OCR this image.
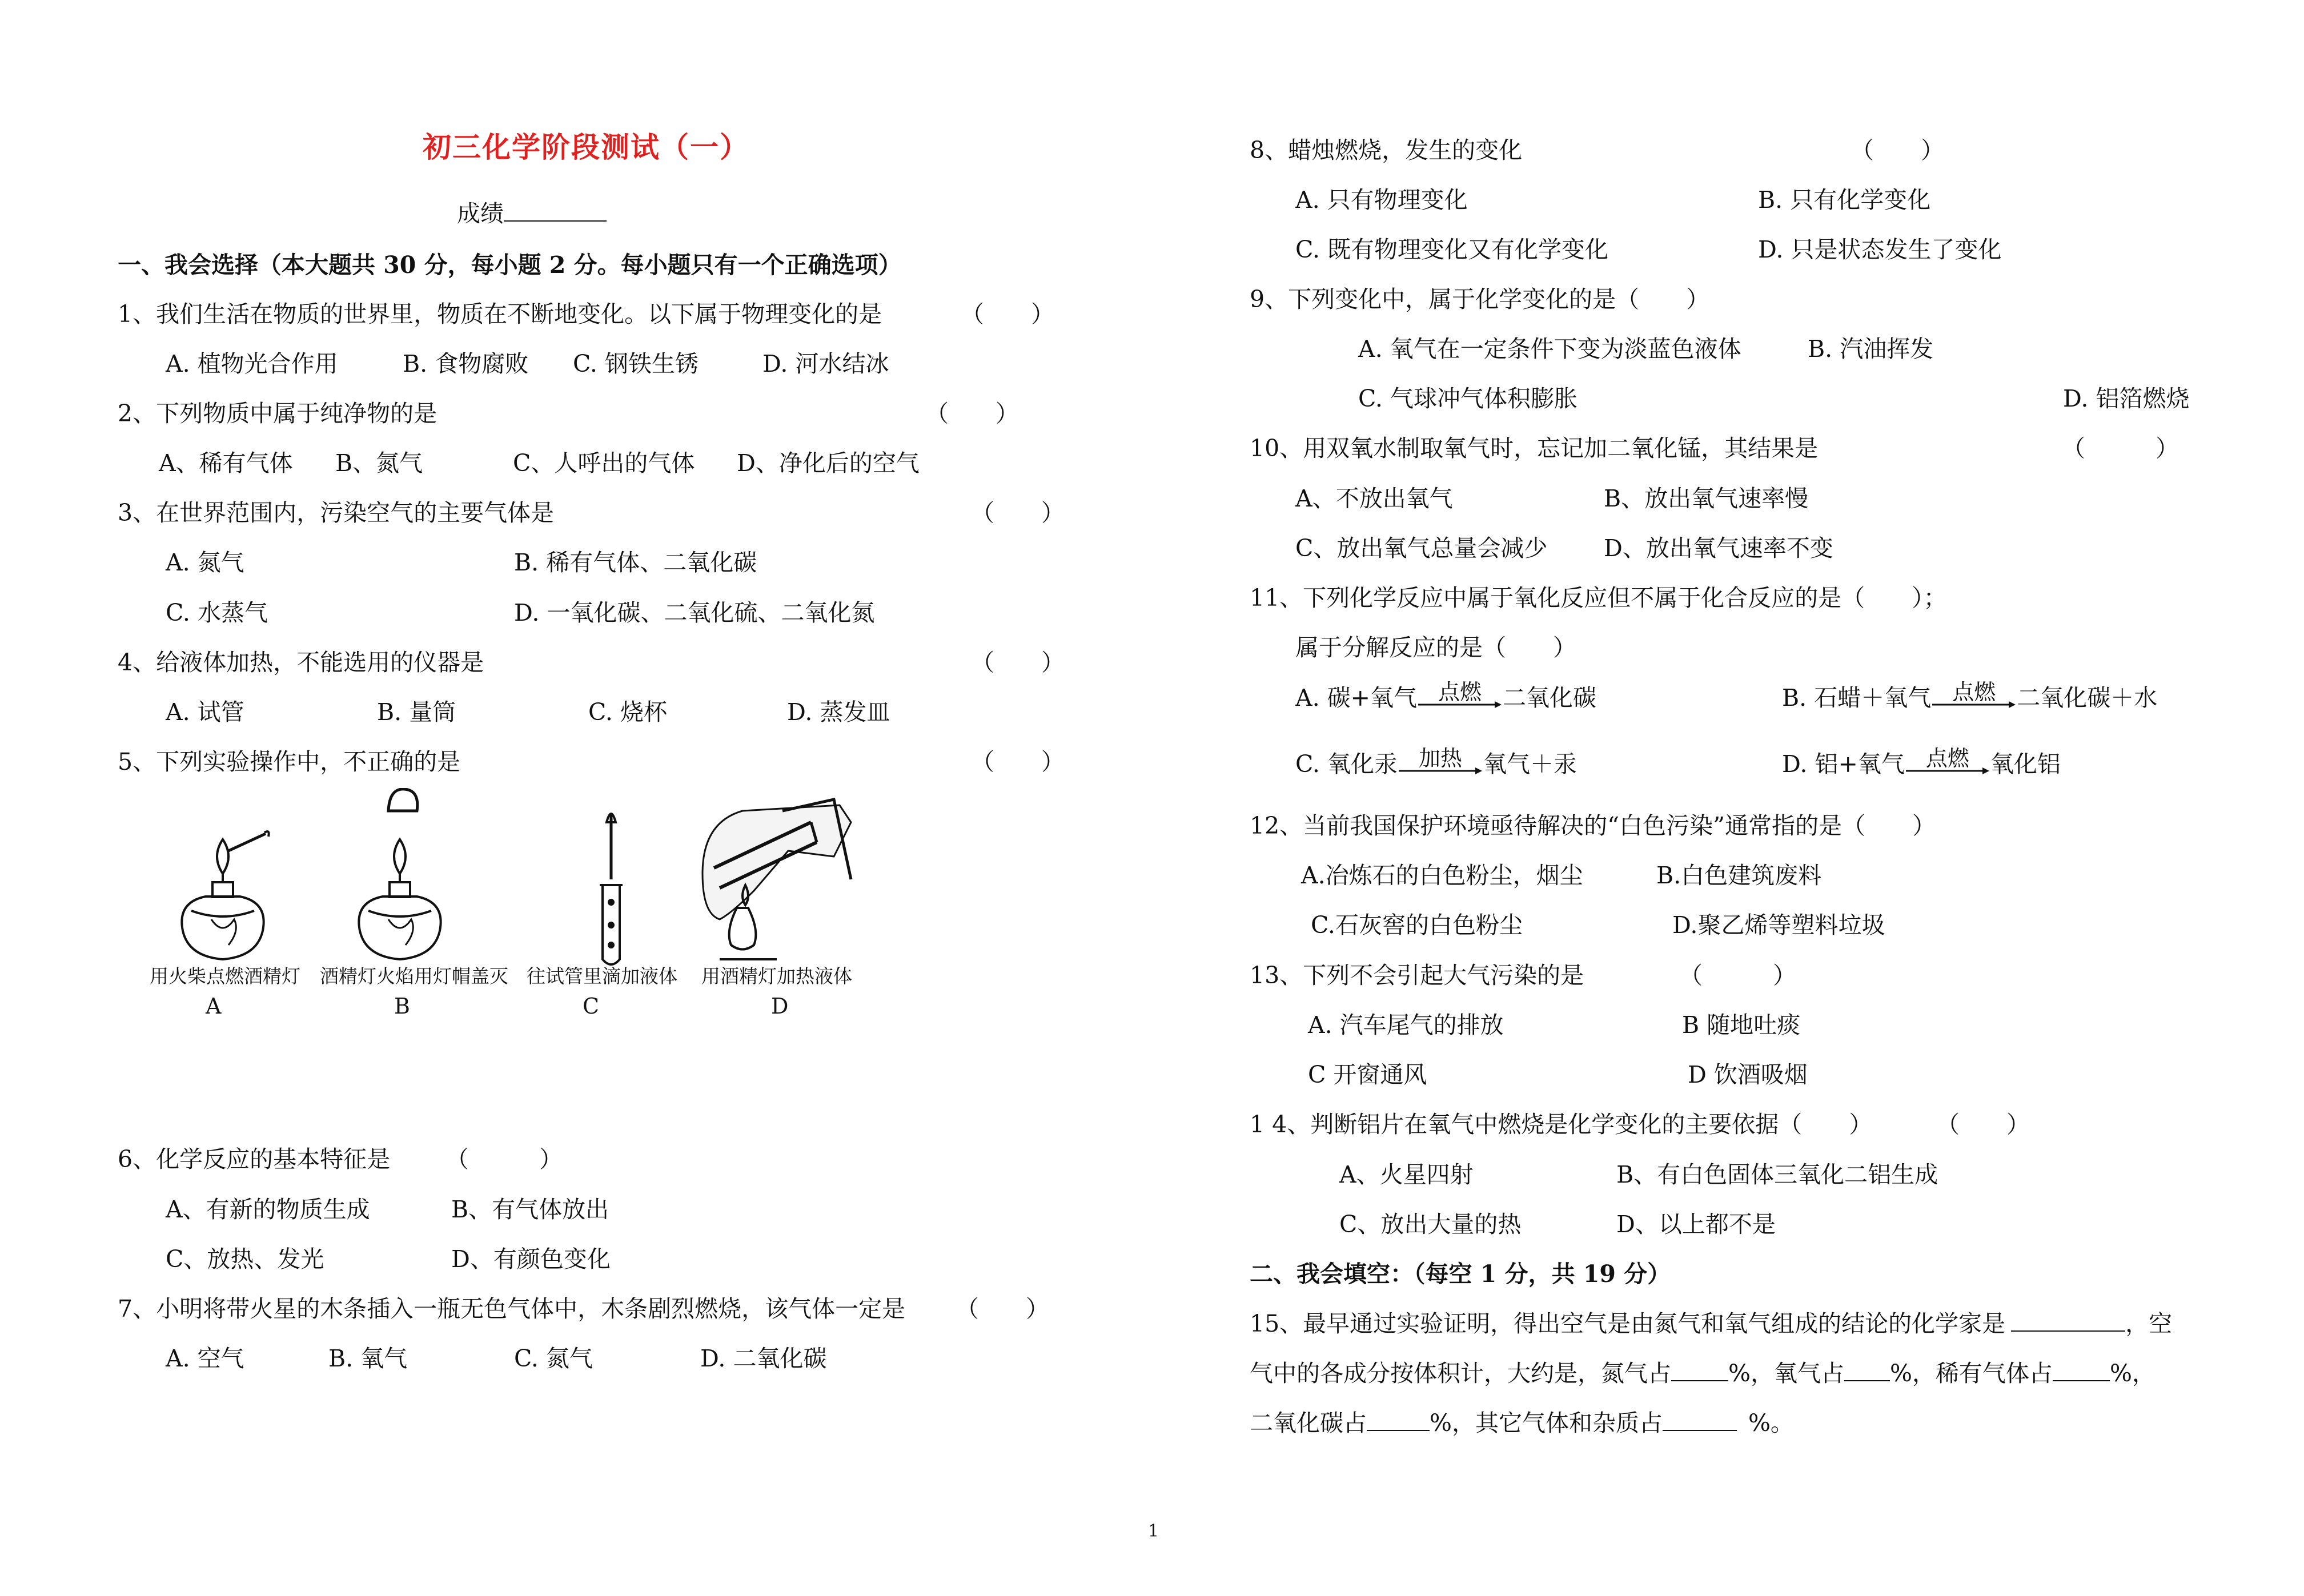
初三化学阶段测试（一）
成绩
一、我会选择（本大题共 30 分，每小题 2 分。每小题只有一个正确选项）
1、我们生活在物质的世界里，物质在不断地变化。以下属于物理变化的是	（　　）
A. 植物光合作用	B. 食物腐败 C. 钢铁生锈	D. 河水结冰
2、下列物质中属于纯净物的是	（　　）
A、稀有气体 B、氮气	C、人呼出的气体 D、净化后的空气
3、在世界范围内，污染空气的主要气体是	（　　）
A. 氮气	B. 稀有气体、二氧化碳
C. 水蒸气	D. 一氧化碳、二氧化硫、二氧化氮
4、给液体加热，不能选用的仪器是	（　　）
A. 试管	B. 量筒	C. 烧杯	D. 蒸发皿
5、下列实验操作中，不正确的是	（　　）
用火柴点燃酒精灯
A
酒精灯火焰用灯帽盖灭
B
往试管里滴加液体
C
用酒精灯加热液体
D
6、化学反应的基本特征是 （　　　）
A、有新的物质生成	B、有气体放出
C、放热、发光	D、有颜色变化
7、小明将带火星的木条插入一瓶无色气体中，木条剧烈燃烧，该气体一定是 （　　）
A. 空气	B. 氧气	C. 氮气	D. 二氧化碳
8、蜡烛燃烧，发生的变化	（　　）
A. 只有物理变化	B. 只有化学变化
C. 既有物理变化又有化学变化	D. 只是状态发生了变化
9、下列变化中，属于化学变化的是（　　）
A. 氧气在一定条件下变为淡蓝色液体	B. 汽油挥发
C. 气球冲气体积膨胀	D. 铝箔燃烧
10、用双氧水制取氧气时，忘记加二氧化锰，其结果是	（　　　）
A、不放出氧气	B、放出氧气速率慢
C、放出氧气总量会减少 D、放出氧气速率不变
11、下列化学反应中属于氧化反应但不属于化合反应的是（　　）；
属于分解反应的是（　　）
A. 碳+氧气 点燃 二氧化碳	B. 石蜡＋氧气 点燃 二氧化碳＋水
C. 氧化汞 加热 氧气＋汞	D. 铝+氧气 点燃 氧化铝
12、当前我国保护环境亟待解决的“白色污染”通常指的是（　　）
A.冶炼石的白色粉尘，烟尘	B.白色建筑废料
C.石灰窖的白色粉尘	D.聚乙烯等塑料垃圾
13、下列不会引起大气污染的是	（　　　）
A. 汽车尾气的排放	B 随地吐痰
C 开窗通风	D 饮酒吸烟
1 4、判断铝片在氧气中燃烧是化学变化的主要依据（　　）	（　　）
A、火星四射	B、有白色固体三氧化二铝生成
C、放出大量的热	D、以上都不是
二、我会填空：（每空 1 分，共 19 分）
15、最早通过实验证明，得出空气是由氮气和氧气组成的结论的化学家是	，空
气中的各成分按体积计，大约是，氮气占 %，氧气占 %，稀有气体占 %，
二氧化碳占	%，其它气体和杂质占	%。
1
